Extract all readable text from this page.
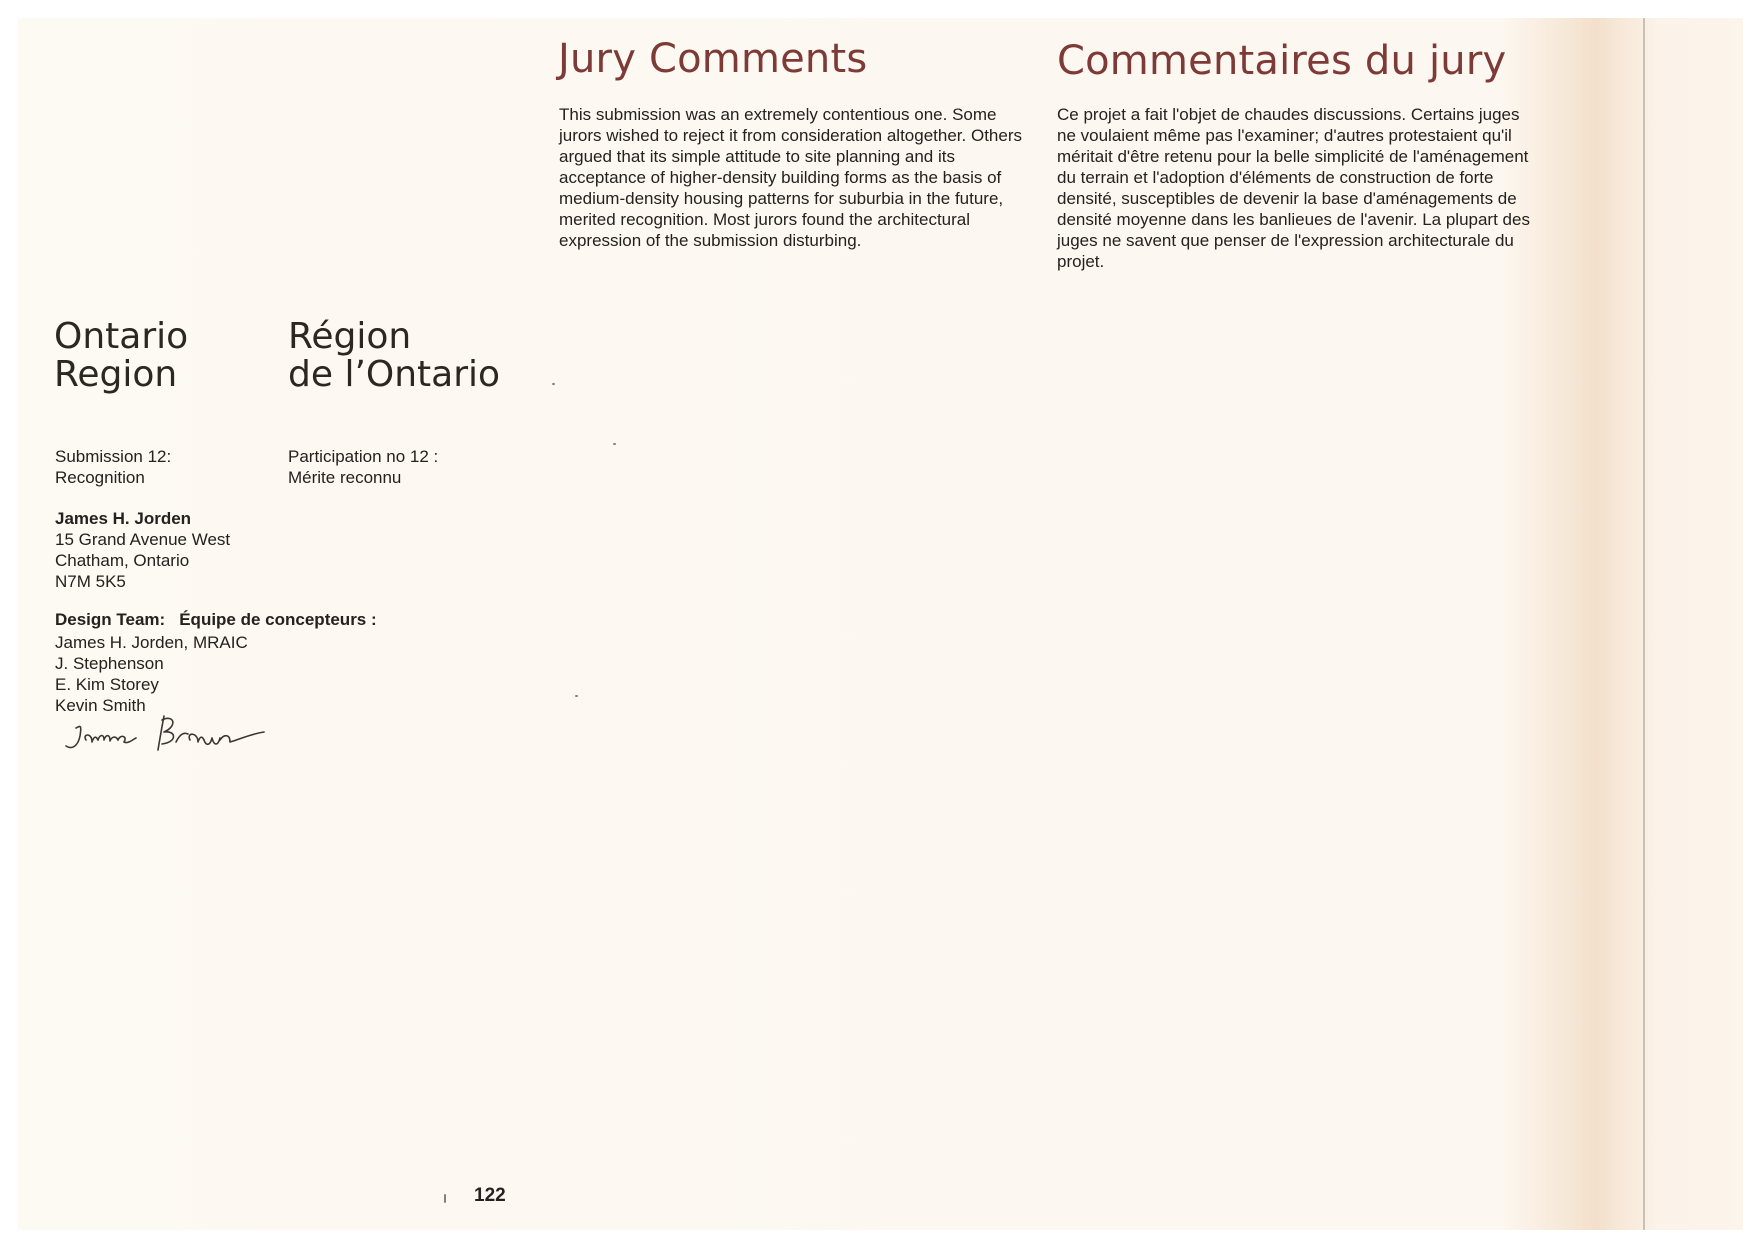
Jury Comments	Commentaires du jury

This submission was an extremely contentious one. Some jurors wished to reject it from consideration altogether. Others argued that its simple attitude to site planning and its acceptance of higher-density building forms as the basis of medium-density housing patterns for suburbia in the future, merited recognition. Most jurors found the architectural expression of the submission disturbing.

Ce projet a fait l'objet de chaudes discussions. Certains juges ne voulaient même pas l'examiner; d'autres protestaient qu'il méritait d'être retenu pour la belle simplicité de l'aménagement du terrain et l'adoption d'éléments de construction de forte densité, susceptibles de devenir la base d'aménagements de densité moyenne dans les banlieues de l'avenir. La plupart des juges ne savent que penser de l'expression architecturale du projet.

Ontario
Region
Région
de l’Ontario

Submission 12:
Recognition

Participation no 12 :
Mérite reconnu

James H. Jorden
15 Grand Avenue West
Chatham, Ontario
N7M 5K5

Design Team: Équipe de concepteurs :

James H. Jorden, MRAIC
J. Stephenson
E. Kim Storey
Kevin Smith

122
